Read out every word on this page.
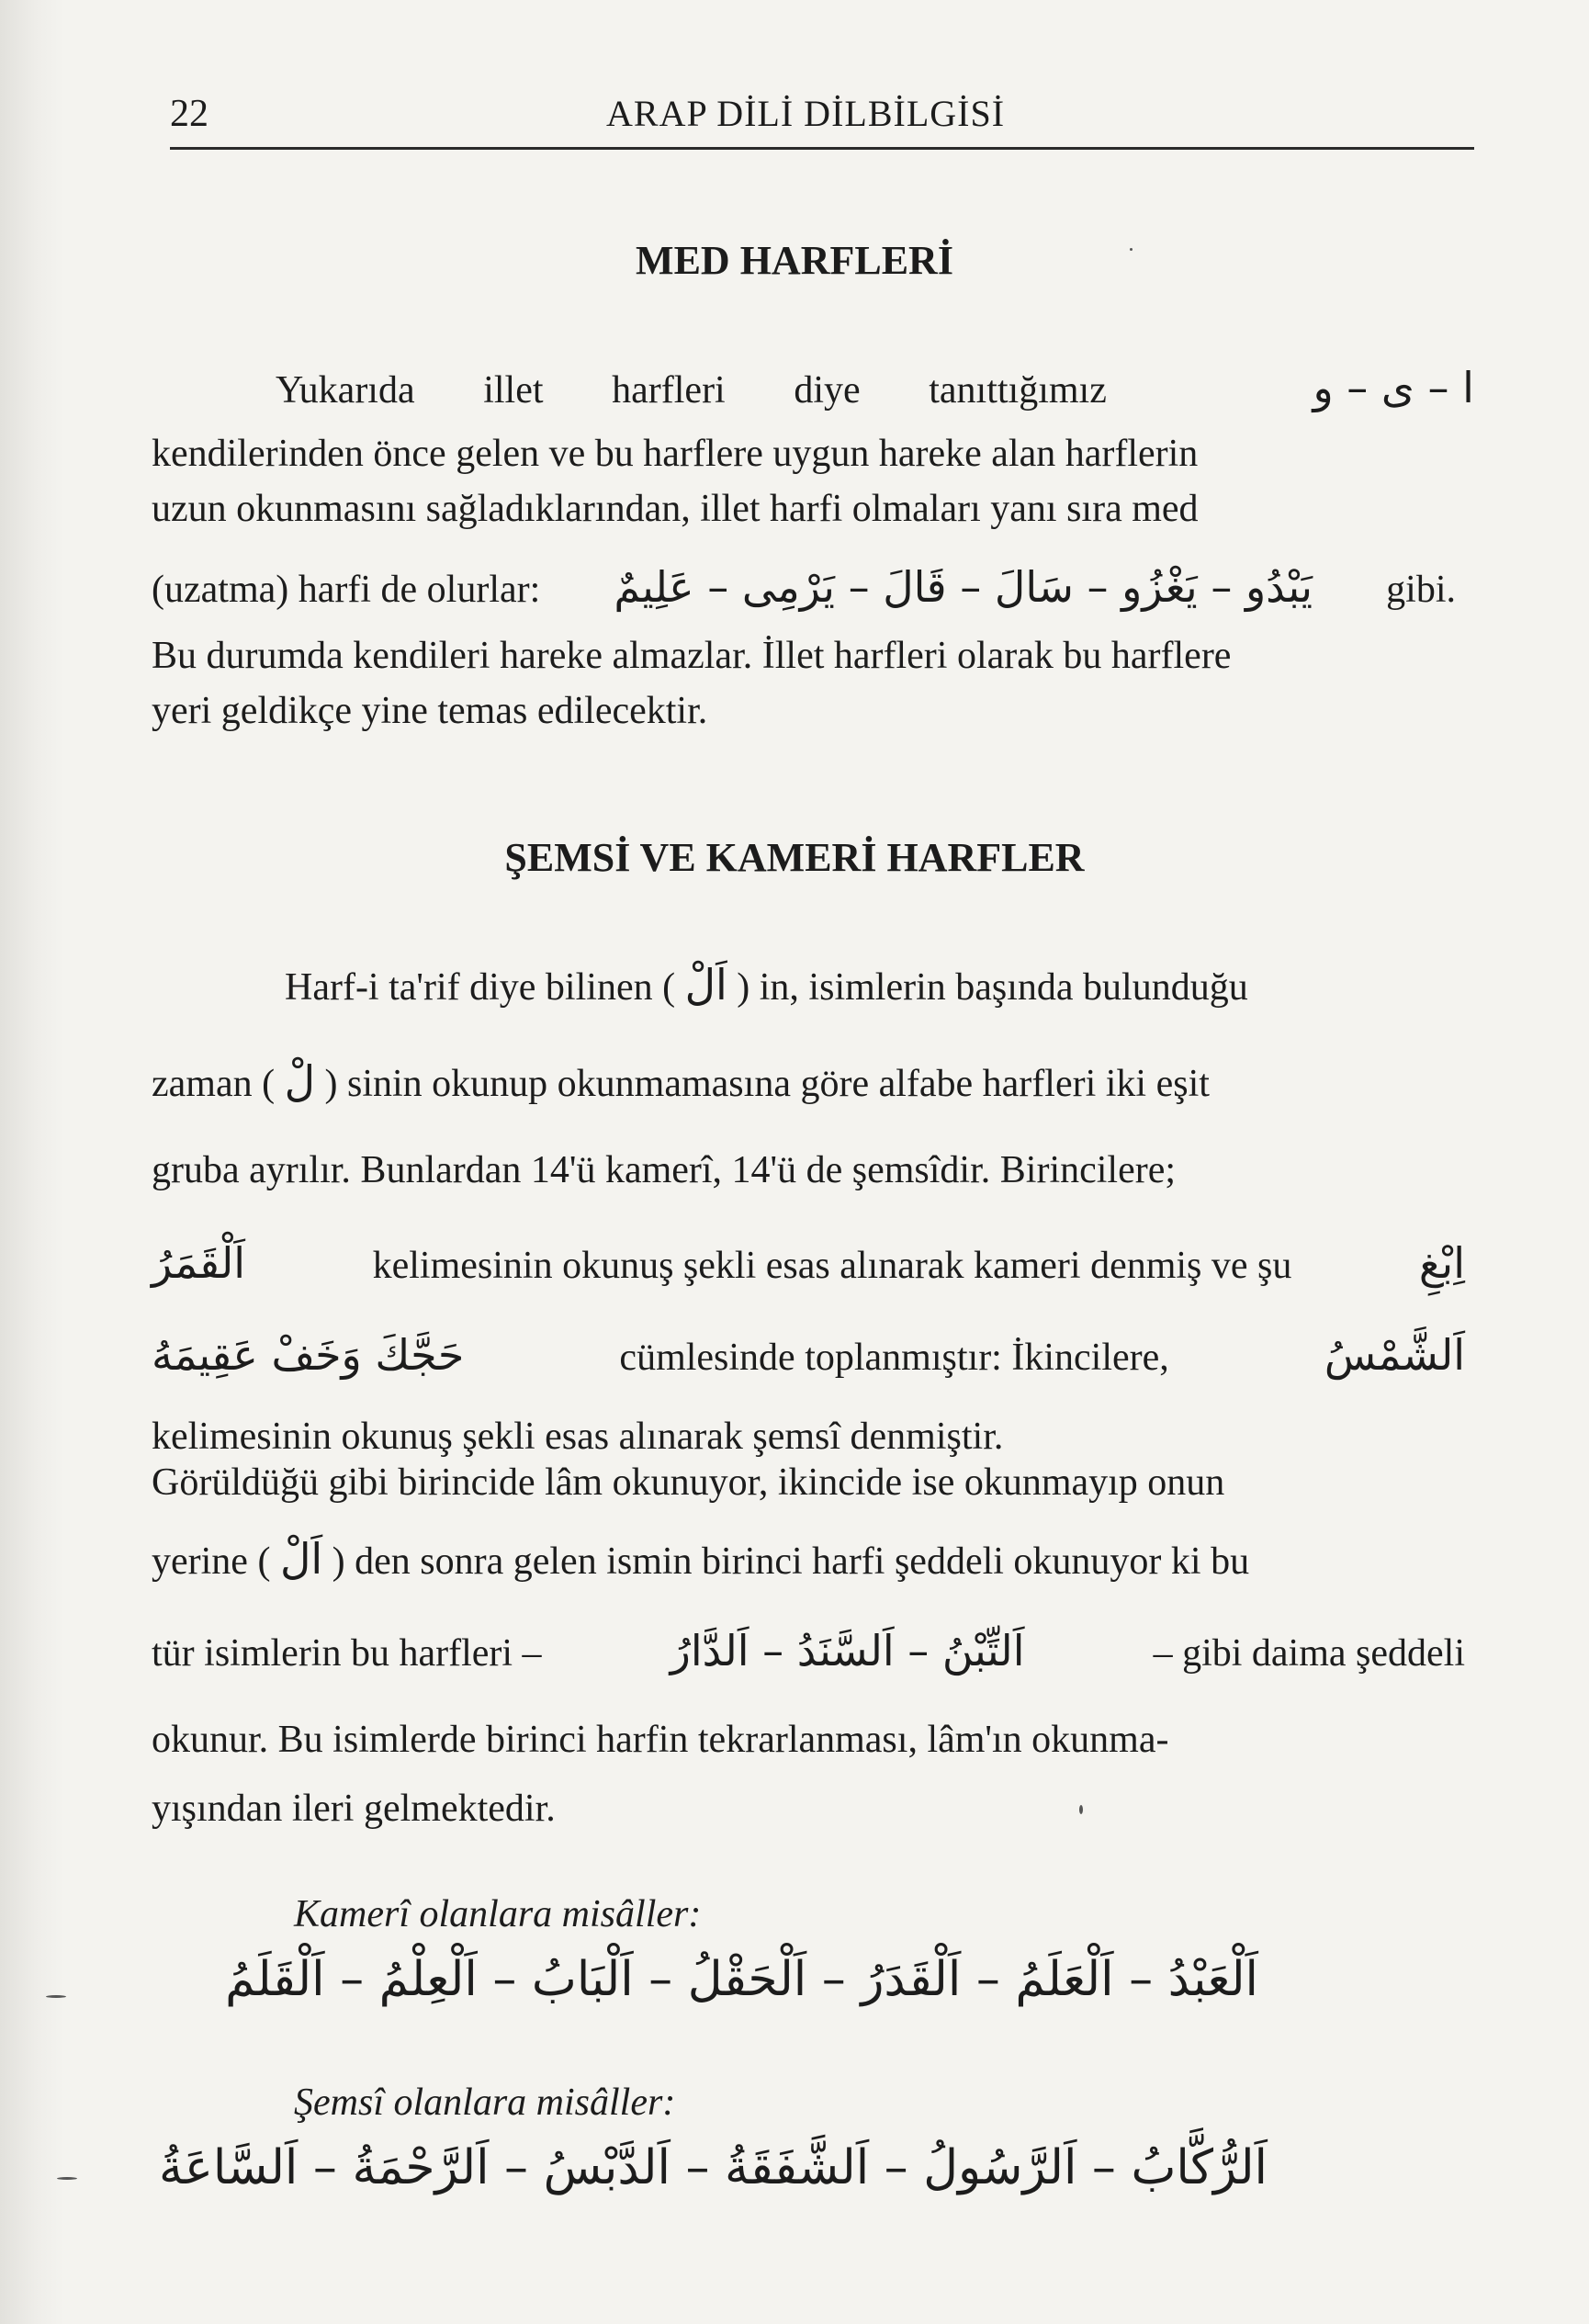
22	ARAP DİLİ DİLBİLGİSİ
MED HARFLERİ
Yukarıda illet harfleri diye tanıttığımız	ا – ى – و
kendilerinden önce gelen ve bu harflere uygun hareke alan harflerin
uzun okunmasını sağladıklarından, illet harfi olmaları yanı sıra med
(uzatma) harfi de olurlar:	يَبْدُو – يَغْزُو – سَالَ – قَالَ – يَرْمِى – عَلِيمٌ	gibi.
Bu durumda kendileri hareke almazlar. İllet harfleri olarak bu harflere
yeri geldikçe yine temas edilecektir.
ŞEMSİ VE KAMERİ HARFLER
Harf-i ta'rif diye bilinen ( اَلْ ) in, isimlerin başında bulunduğu
zaman ( لْ ) sinin okunup okunmamasına göre alfabe harfleri iki eşit
gruba ayrılır. Bunlardan 14'ü kamerî, 14'ü de şemsîdir. Birincilere;
اَلْقَمَرُ	kelimesinin okunuş şekli esas alınarak kameri denmiş ve şu	اِبْغِ
حَجَّكَ وَخَفْ عَقِيمَهُ	cümlesinde toplanmıştır: İkincilere,	اَلشَّمْسُ
kelimesinin okunuş şekli esas alınarak şemsî denmiştir.
Görüldüğü gibi birincide lâm okunuyor, ikincide ise okunmayıp onun
yerine ( اَلْ ) den sonra gelen ismin birinci harfi şeddeli okunuyor ki bu
tür isimlerin bu harfleri –	اَلتِّبْنُ – اَلسَّنَدُ – اَلدَّارُ	– gibi daima şeddeli
okunur. Bu isimlerde birinci harfin tekrarlanması, lâm'ın okunma-
yışından ileri gelmektedir.
Kamerî olanlara misâller:
اَلْعَبْدُ – اَلْعَلَمُ – اَلْقَدَرُ – اَلْحَقْلُ – اَلْبَابُ – اَلْعِلْمُ – اَلْقَلَمُ
Şemsî olanlara misâller:
اَلرُّكَّابُ – اَلرَّسُولُ – اَلشَّفَقَةُ – اَلدَّبْسُ – اَلرَّحْمَةُ – اَلسَّاعَةُ
